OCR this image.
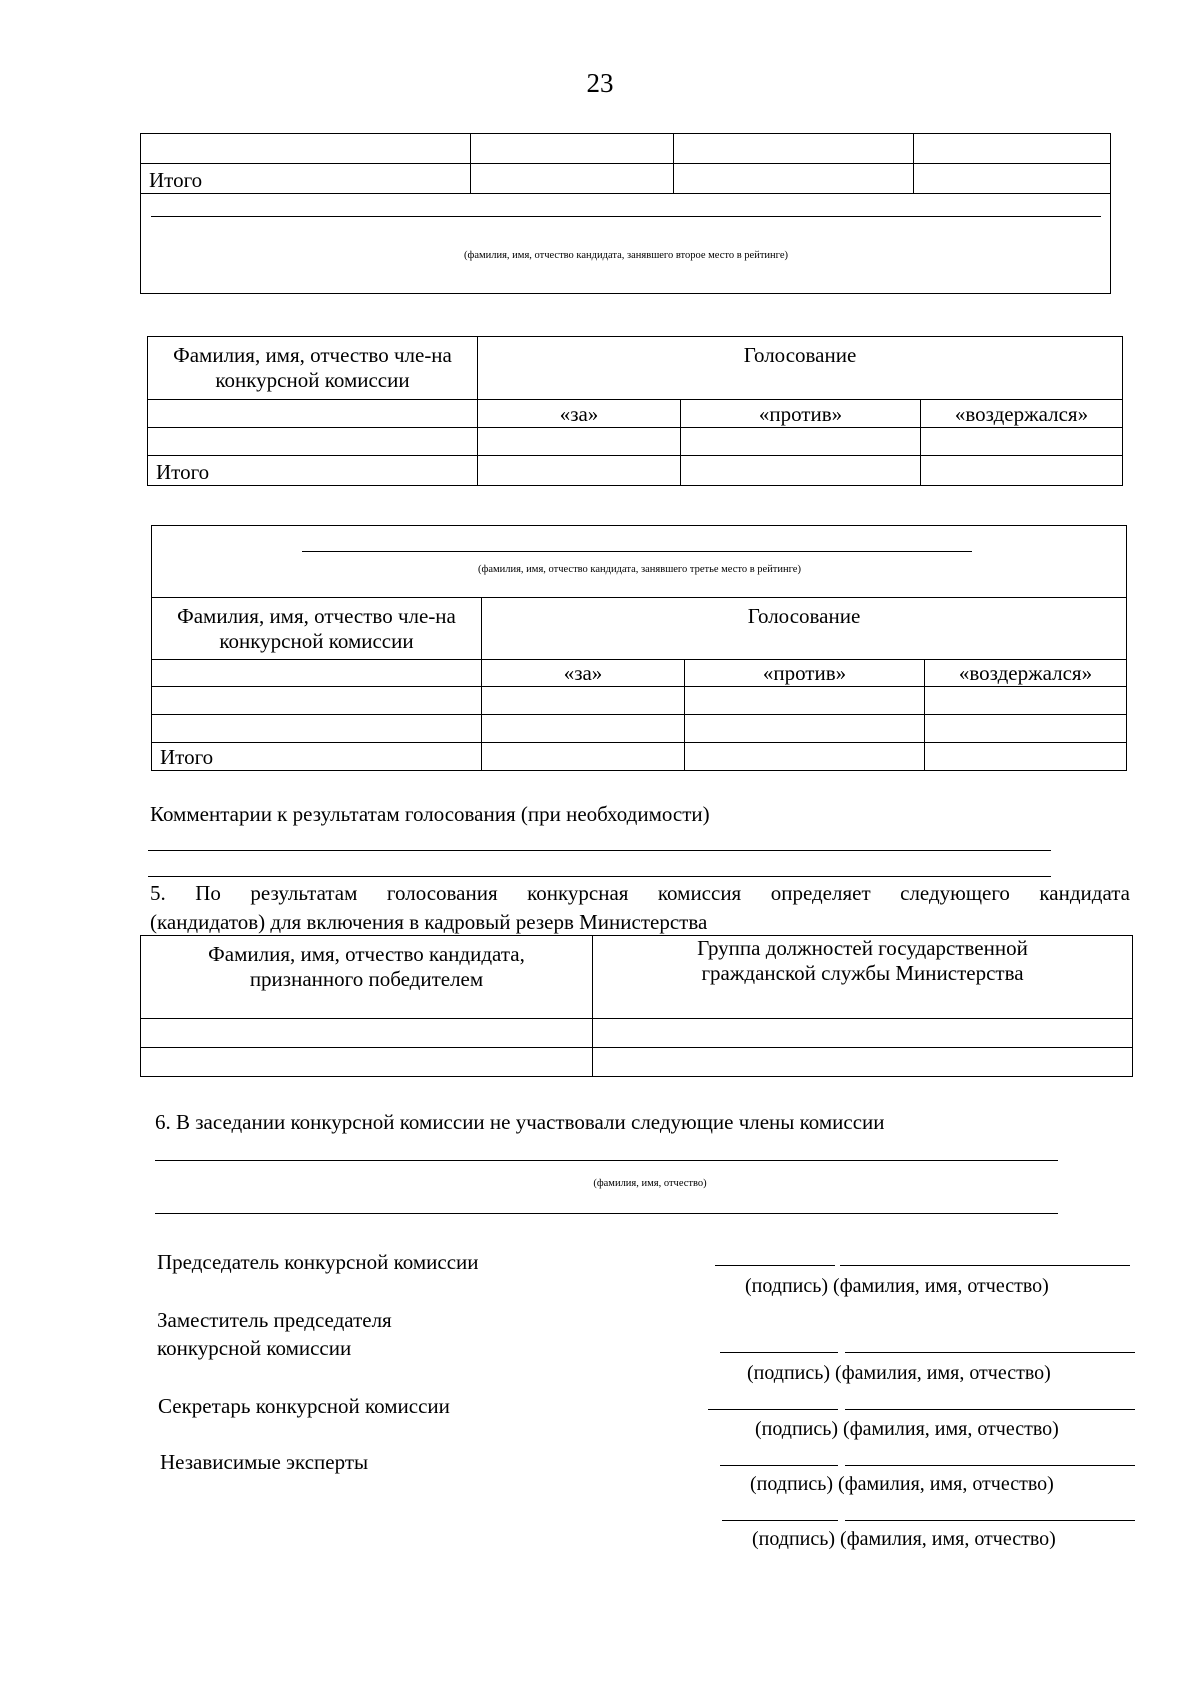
23

Итого			

(фамилия, имя, отчество кандидата, занявшего второе место в рейтинге)			
Фамилия, имя, отчество чле-на конкурсной комиссии	Голосование		
	«за»	«против»	«воздержался»

Итого			
(фамилия, имя, отчество кандидата, занявшего третье место в рейтинге)			

Фамилия, имя, отчество чле-на конкурсной комиссии	Голосование		
	«за»	«против»	«воздержался»

Итого			
Комментарии к результатам голосования (при необходимости)
5. По результатам голосования конкурсная комиссия определяет следующего кандидата
(кандидатов) для включения в кадровый резерв Министерства
Фамилия, имя, отчество кандидата, признанного победителем	Группа должностей государственной гражданской службы Министерства

6. В заседании конкурсной комиссии не участвовали следующие члены комиссии
(фамилия, имя, отчество)
Председатель конкурсной комиссии
(подпись) (фамилия, имя, отчество)
Заместитель председателя
конкурсной комиссии
(подпись) (фамилия, имя, отчество)
Секретарь конкурсной комиссии
(подпись) (фамилия, имя, отчество)
Независимые эксперты
(подпись) (фамилия, имя, отчество)
(подпись) (фамилия, имя, отчество)
